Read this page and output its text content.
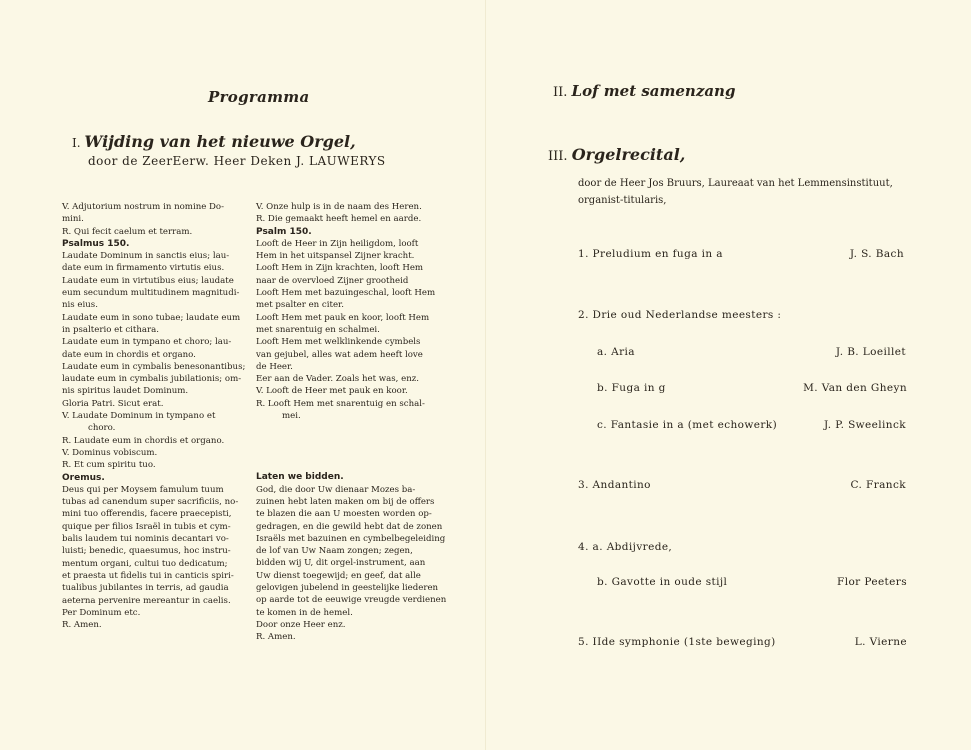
Programma
I. Wijding van het nieuwe Orgel,
door de ZeerEerw. Heer Deken J. LAUWERYS
V. Adjutorium nostrum in nomine Do-
mini.
R. Qui fecit caelum et terram.
Psalmus 150.
Laudate Dominum in sanctis eius; lau-
date eum in firmamento virtutis eius.
Laudate eum in virtutibus eius; laudate
eum secundum multitudinem magnitudi-
nis eius.
Laudate eum in sono tubae; laudate eum
in psalterio et cithara.
Laudate eum in tympano et choro; lau-
date eum in chordis et organo.
Laudate eum in cymbalis benesonantibus;
laudate eum in cymbalis jubilationis; om-
nis spiritus laudet Dominum.
Gloria Patri. Sicut erat.
V. Laudate Dominum in tympano et
choro.
R. Laudate eum in chordis et organo.
V. Dominus vobiscum.
R. Et cum spiritu tuo.
Oremus.
Deus qui per Moysem famulum tuum
tubas ad canendum super sacrificiis, no-
mini tuo offerendis, facere praecepisti,
quique per filios Israël in tubis et cym-
balis laudem tui nominis decantari vo-
luisti; benedic, quaesumus, hoc instru-
mentum organi, cultui tuo dedicatum;
et praesta ut fidelis tui in canticis spiri-
tualibus jubilantes in terris, ad gaudia
aeterna pervenire mereantur in caelis.
Per Dominum etc.
R. Amen.
V. Onze hulp is in de naam des Heren.
R. Die gemaakt heeft hemel en aarde.
Psalm 150.
Looft de Heer in Zijn heiligdom, looft
Hem in het uitspansel Zijner kracht.
Looft Hem in Zijn krachten, looft Hem
naar de overvloed Zijner grootheid
Looft Hem met bazuingeschal, looft Hem
met psalter en citer.
Looft Hem met pauk en koor, looft Hem
met snarentuig en schalmei.
Looft Hem met welklinkende cymbels
van gejubel, alles wat adem heeft love
de Heer.
Eer aan de Vader. Zoals het was, enz.
V. Looft de Heer met pauk en koor.
R. Looft Hem met snarentuig en schal-
mei.
Laten we bidden.
God, die door Uw dienaar Mozes ba-
zuinen hebt laten maken om bij de offers
te blazen die aan U moesten worden op-
gedragen, en die gewild hebt dat de zonen
Israëls met bazuinen en cymbelbegeleiding
de lof van Uw Naam zongen; zegen,
bidden wij U, dit orgel-instrument, aan
Uw dienst toegewijd; en geef, dat alle
gelovigen jubelend in geestelijke liederen
op aarde tot de eeuwige vreugde verdienen
te komen in de hemel.
Door onze Heer enz.
R. Amen.
II. Lof met samenzang
III. Orgelrecital,
door de Heer Jos Bruurs, Laureaat van het Lemmensinstituut,
organist-titularis,
1. Preludium en fuga in a	J. S. Bach
2. Drie oud Nederlandse meesters :
a. Aria	J. B. Loeillet
b. Fuga in g	M. Van den Gheyn
c. Fantasie in a (met echowerk)	J. P. Sweelinck
3. Andantino	C. Franck
4. a. Abdijvrede,
b. Gavotte in oude stijl	Flor Peeters
5. IIde symphonie (1ste beweging)	L. Vierne
